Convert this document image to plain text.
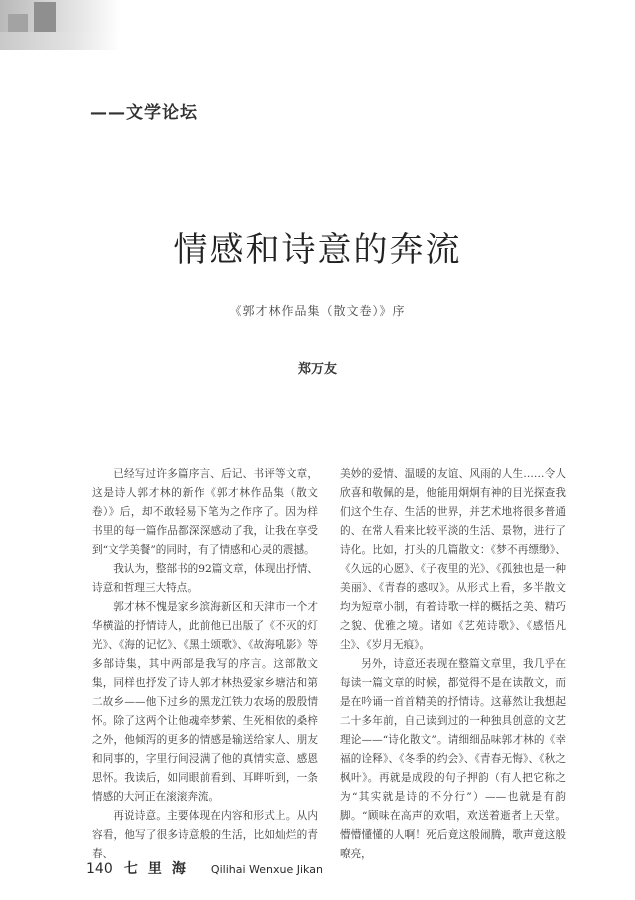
——文学论坛
情感和诗意的奔流
《郭才林作品集（散文卷）》序
郑万友

已经写过许多篇序言、后记、书评等文章，这是诗人郭才林的新作《郭才林作品集（散文卷）》后，却不敢轻易下笔为之作序了。因为样书里的每一篇作品都深深感动了我，让我在享受到“文学美餐”的同时，有了情感和心灵的震撼。

我认为，整部书的92篇文章，体现出抒情、诗意和哲理三大特点。

郭才林不愧是家乡滨海新区和天津市一个才华横溢的抒情诗人，此前他已出版了《不灭的灯光》、《海的记忆》、《黑土颂歌》、《故海吼影》等多部诗集，其中两部是我写的序言。这部散文集，同样也抒发了诗人郭才林热爱家乡塘沽和第二故乡——他下过乡的黑龙江铁力农场的殷殷情怀。除了这两个让他魂牵梦萦、生死相依的桑梓之外，他倾泻的更多的情感是输送给家人、朋友和同事的，字里行间浸满了他的真情实意、感恩思怀。我读后，如同眼前看到、耳畔听到，一条情感的大河正在滚滚奔流。

再说诗意。主要体现在内容和形式上。从内容看，他写了很多诗意般的生活，比如灿烂的青春、

美妙的爱情、温暖的友谊、风雨的人生……令人欣喜和敬佩的是，他能用炯炯有神的目光探查我们这个生存、生活的世界，并艺术地将很多普通的、在常人看来比较平淡的生活、景物，进行了诗化。比如，打头的几篇散文：《梦不再缥缈》、《久远的心愿》、《子夜里的光》、《孤独也是一种美丽》、《青春的惑叹》。从形式上看，多半散文均为短章小制，有着诗歌一样的概括之美、精巧之貌、优雅之境。诸如《艺苑诗歌》、《感悟凡尘》、《岁月无痕》。

另外，诗意还表现在整篇文章里，我几乎在每读一篇文章的时候，都觉得不是在读散文，而是在吟诵一首首精美的抒情诗。这幕然让我想起二十多年前，自己读到过的一种独具创意的文艺理论——“诗化散文”。请细细品味郭才林的《幸福的诠释》、《冬季的约会》、《青春无悔》、《秋之枫叶》。再就是成段的句子押韵（有人把它称之为“其实就是诗的不分行”）——也就是有韵脚。“顾味在高声的欢唱，欢送着逝者上天堂。懵懵懂懂的人啊！死后竟这般闹腾，歌声竟这般嘹亮，

140 七里海 Qilihai Wenxue Jikan
